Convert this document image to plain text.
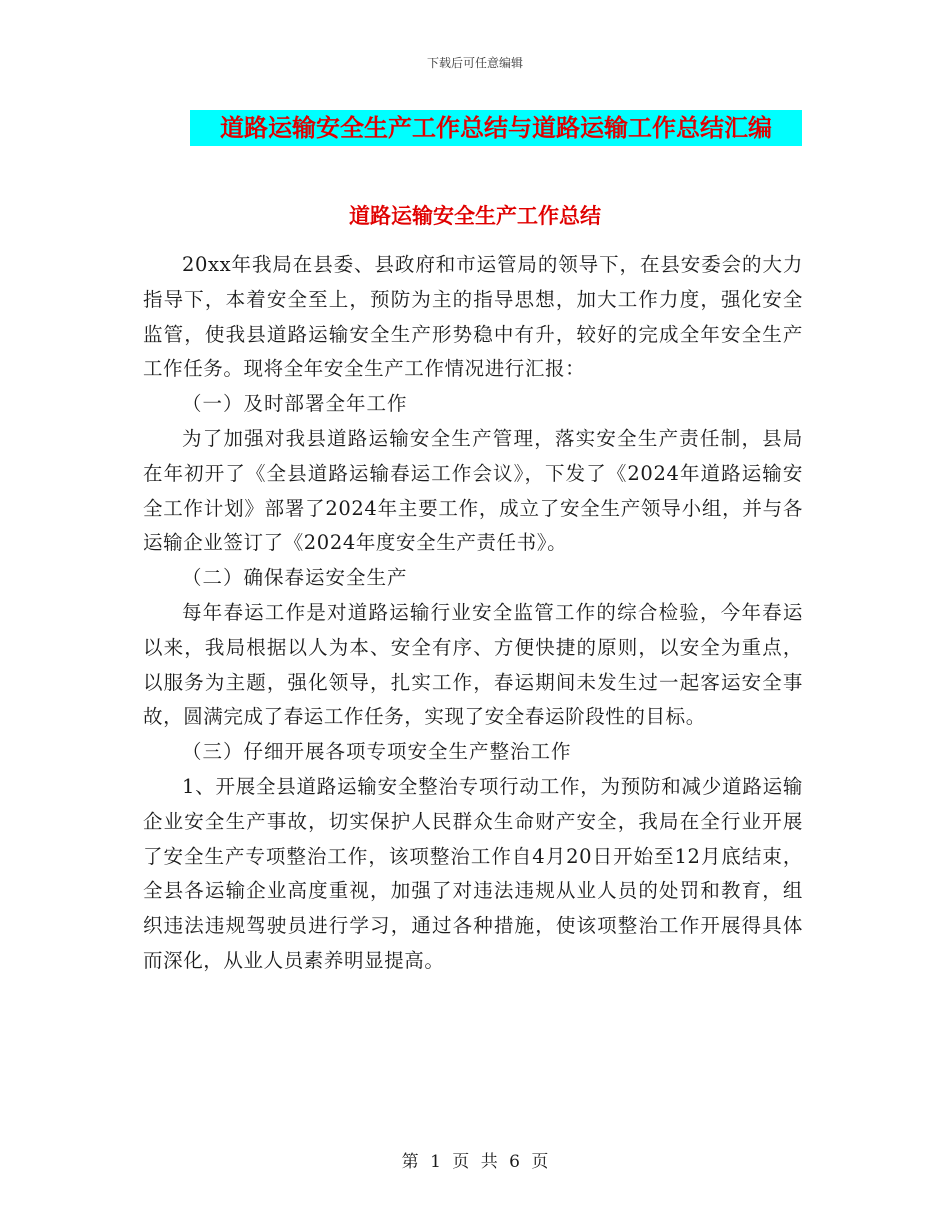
下载后可任意编辑
道路运输安全生产工作总结与道路运输工作总结汇编
道路运输安全生产工作总结

20xx年我局在县委、县政府和市运管局的领导下，在县安委会的大力指导下，本着安全至上，预防为主的指导思想，加大工作力度，强化安全监管，使我县道路运输安全生产形势稳中有升，较好的完成全年安全生产工作任务。现将全年安全生产工作情况进行汇报：

（一）及时部署全年工作

为了加强对我县道路运输安全生产管理，落实安全生产责任制，县局在年初开了《全县道路运输春运工作会议》，下发了《2024年道路运输安全工作计划》部署了2024年主要工作，成立了安全生产领导小组，并与各运输企业签订了《2024年度安全生产责任书》。

（二）确保春运安全生产

每年春运工作是对道路运输行业安全监管工作的综合检验，今年春运以来，我局根据以人为本、安全有序、方便快捷的原则，以安全为重点，以服务为主题，强化领导，扎实工作，春运期间未发生过一起客运安全事故，圆满完成了春运工作任务，实现了安全春运阶段性的目标。

（三）仔细开展各项专项安全生产整治工作

1、开展全县道路运输安全整治专项行动工作，为预防和减少道路运输企业安全生产事故，切实保护人民群众生命财产安全，我局在全行业开展了安全生产专项整治工作，该项整治工作自4月20日开始至12月底结束，全县各运输企业高度重视，加强了对违法违规从业人员的处罚和教育，组织违法违规驾驶员进行学习，通过各种措施，使该项整治工作开展得具体而深化，从业人员素养明显提高。

第 1 页 共 6 页
